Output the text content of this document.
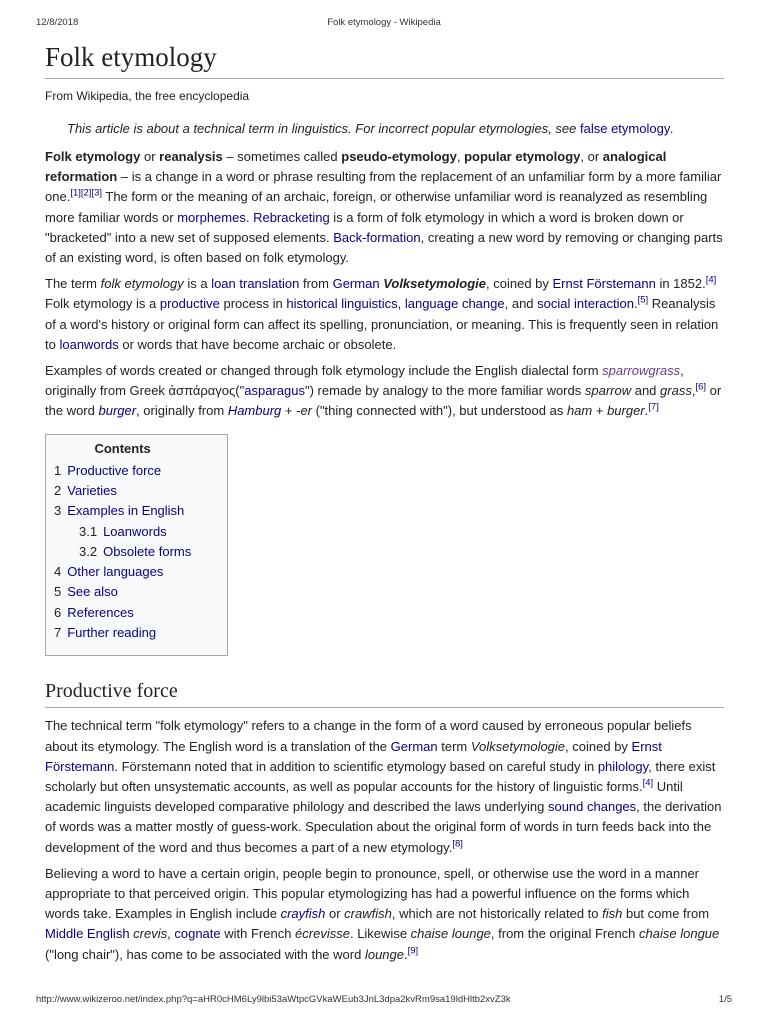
12/8/2018	Folk etymology - Wikipedia
Folk etymology
From Wikipedia, the free encyclopedia
This article is about a technical term in linguistics. For incorrect popular etymologies, see false etymology.

Folk etymology or reanalysis – sometimes called pseudo-etymology, popular etymology, or analogical reformation – is a change in a word or phrase resulting from the replacement of an unfamiliar form by a more familiar one.[1][2][3] The form or the meaning of an archaic, foreign, or otherwise unfamiliar word is reanalyzed as resembling more familiar words or morphemes. Rebracketing is a form of folk etymology in which a word is broken down or "bracketed" into a new set of supposed elements. Back-formation, creating a new word by removing or changing parts of an existing word, is often based on folk etymology.

The term folk etymology is a loan translation from German Volksetymologie, coined by Ernst Förstemann in 1852.[4] Folk etymology is a productive process in historical linguistics, language change, and social interaction.[5] Reanalysis of a word's history or original form can affect its spelling, pronunciation, or meaning. This is frequently seen in relation to loanwords or words that have become archaic or obsolete.

Examples of words created or changed through folk etymology include the English dialectal form sparrowgrass, originally from Greek ἀσπάραγος("asparagus") remade by analogy to the more familiar words sparrow and grass,[6] or the word burger, originally from Hamburg + -er ("thing connected with"), but understood as ham + burger.[7]

Contents
1 Productive force
2 Varieties
3 Examples in English
3.1 Loanwords
3.2 Obsolete forms
4 Other languages
5 See also
6 References
7 Further reading
Productive force

The technical term "folk etymology" refers to a change in the form of a word caused by erroneous popular beliefs about its etymology. The English word is a translation of the German term Volksetymologie, coined by Ernst Förstemann. Förstemann noted that in addition to scientific etymology based on careful study in philology, there exist scholarly but often unsystematic accounts, as well as popular accounts for the history of linguistic forms.[4] Until academic linguists developed comparative philology and described the laws underlying sound changes, the derivation of words was a matter mostly of guess-work. Speculation about the original form of words in turn feeds back into the development of the word and thus becomes a part of a new etymology.[8]

Believing a word to have a certain origin, people begin to pronounce, spell, or otherwise use the word in a manner appropriate to that perceived origin. This popular etymologizing has had a powerful influence on the forms which words take. Examples in English include crayfish or crawfish, which are not historically related to fish but come from Middle English crevis, cognate with French écrevisse. Likewise chaise lounge, from the original French chaise longue ("long chair"), has come to be associated with the word lounge.[9]

http://www.wikizeroo.net/index.php?q=aHR0cHM6Ly9lbi53aWtpcGVkaWEub3JnL3dpa2kvRm9sa19ldHltb2xvZ3k	1/5
